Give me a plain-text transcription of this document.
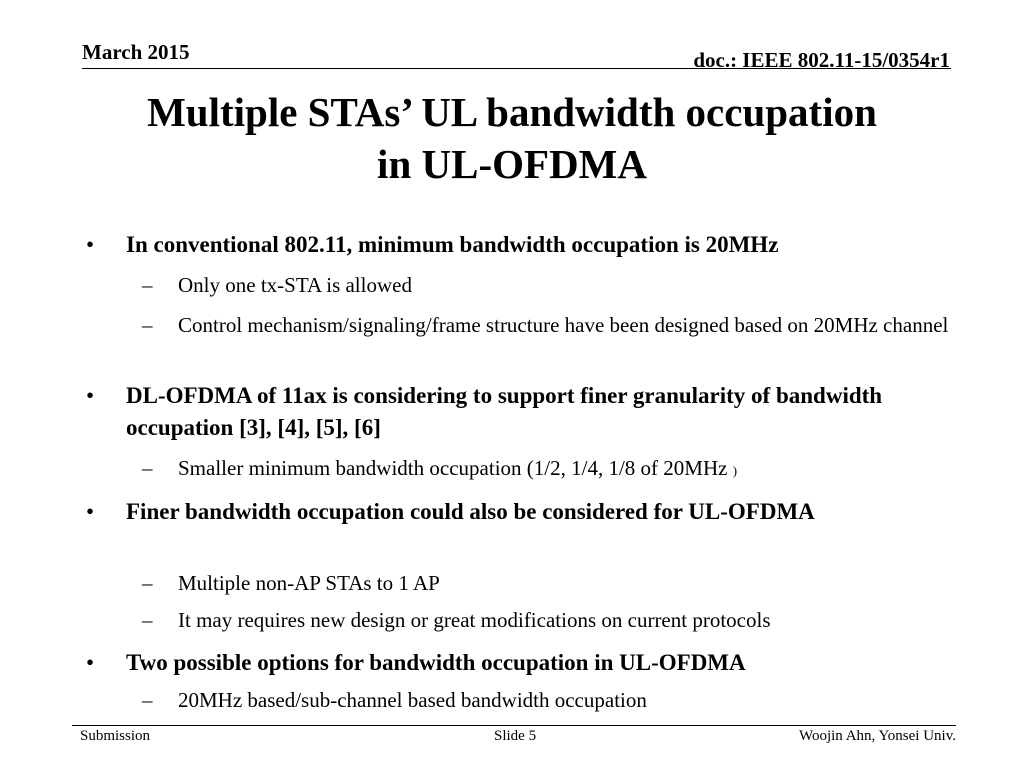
March 2015	doc.: IEEE 802.11-15/0354r1
Multiple STAs’ UL bandwidth occupation
in UL-OFDMA
• In conventional 802.11, minimum bandwidth occupation is 20MHz
– Only one tx-STA is allowed
– Control mechanism/signaling/frame structure have been designed based on 20MHz channel
• DL-OFDMA of 11ax is considering to support finer granularity of bandwidth occupation [3], [4], [5], [6]
– Smaller minimum bandwidth occupation (1/2, 1/4, 1/8 of 20MHz )
• Finer bandwidth occupation could also be considered for UL-OFDMA
– Multiple non-AP STAs to 1 AP
– It may requires new design or great modifications on current protocols
• Two possible options for bandwidth occupation in UL-OFDMA
– 20MHz based/sub-channel based bandwidth occupation
Submission	Slide 5	Woojin Ahn, Yonsei Univ.
